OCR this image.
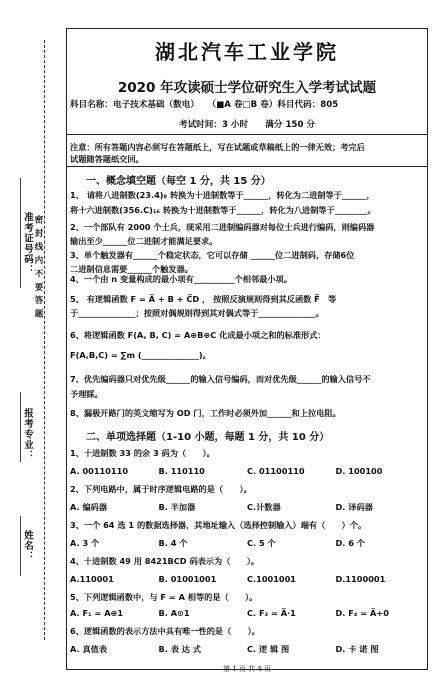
准考证号码：
姓名：
报考专业：
密 封 线 内 不 要 答 题
湖北汽车工业学院
2020 年攻读硕士学位研究生入学考试试题
科目名称：电子技术基础（数电）　　（■A 卷□B 卷）科目代码：805
考试时间：3 小时　　满分 150 分
注意：所有答题内容必须写在答题纸上，写在试题或草稿纸上的一律无效；考完后
试题随答题纸交回。
一、概念填空题（每空 1 分，共 15 分）
1、 请将八进制数(23.4)₈ 转换为十进制数等于______，转化为二进制等于______，
将十六进制数(356.C)₁₆ 转换为十进制数等于______，转化为八进制等于________。
2、一个部队有 2000 个士兵，现采用二进制编码器对每位士兵进行编码，则编码器
输出至少______位二进制才能满足要求。
3、单个触发器有______个稳定状态，它可以存储 ______位二进制码，存储6位
二进制信息需要______个触发器。
4、一个由 n 变量构成的最小项有__________个相邻最小项。
5、 有逻辑函数 F = A̅ + B + C̅D ， 按照反演规则得到其反函数 F̅　等
于______________；按照对偶规则得到其对偶式等于______________。
6、将逻辑函数 F(A, B, C) = A⊕B⊕C 化成最小项之和的标准形式：
F(A,B,C) = ∑m (______________)。
7、优先编码器只对优先级______的输入信号编码，而对优先级______的输入信号不
予理睬。
8、漏极开路门的英文缩写为 OD 门，工作时必须外加______和上拉电阻。
二、单项选择题（1-10 小题，每题 1 分，共 10 分）
1、十进制数 33 的余 3 码为（　　）。
A. 00110110	B. 110110	C. 01100110	D. 100100
2、下列电路中，属于时序逻辑电路的是（　　）。
A. 编码器	B. 半加器	C.计数器	D. 译码器
3、一个 64 选 1 的数据选择器，其地址输入（选择控制输入）端有（　　）个。
A. 3 个	B. 4 个	C. 5 个	D. 6 个
4、十进制数 49 用 8421BCD 码表示为（　　）。
A.110001	B. 01001001	C.1001001	D.1100001
5、下列逻辑函数中，与 F = A 相等的是（　　）。
A. F₁ = A⊕1	B. A⊙1	C. F₃ = A̅·1	D. F₄ = A̅+0
6、逻辑函数的表示方法中具有唯一性的是（　　）。
A. 真值表	B. 表 达 式	C. 逻 辑 图	D. 卡 诺 图
第 1 页 共 4 页
